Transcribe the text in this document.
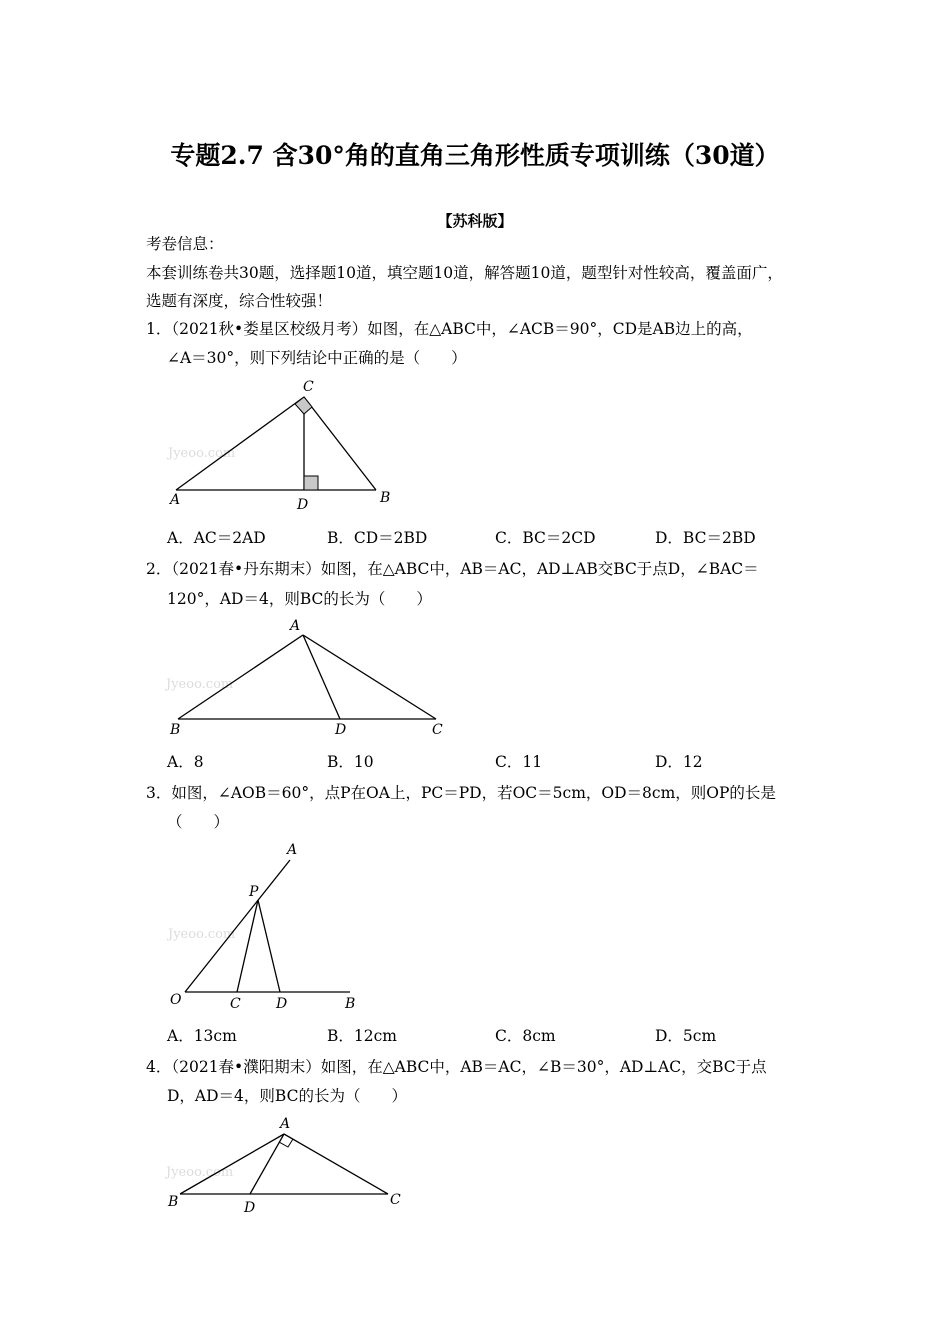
专题2.7 含30°角的直角三角形性质专项训练（30道）
【苏科版】
考卷信息：
本套训练卷共30题，选择题10道，填空题10道，解答题10道，题型针对性较高，覆盖面广，
选题有深度，综合性较强！
1．（2021秋•娄星区校级月考）如图，在△ABC中，∠ACB＝90°，CD是AB边上的高，
∠A＝30°，则下列结论中正确的是（　　）
Jyeoo.com
A	B
C
D
A．AC＝2AD	B．CD＝2BD	C．BC＝2CD	D．BC＝2BD
2．（2021春•丹东期末）如图，在△ABC中，AB＝AC，AD⊥AB交BC于点D，∠BAC＝
120°，AD＝4，则BC的长为（　　）
Jyeoo.com
A
B	C
D
A．8	B．10	C．11	D．12
3．如图，∠AOB＝60°，点P在OA上，PC＝PD，若OC＝5cm，OD＝8cm，则OP的长是
（　　）
Jyeoo.com
A
P
O	C	D	B
A．13cm	B．12cm	C．8cm	D．5cm
4．（2021春•濮阳期末）如图，在△ABC中，AB＝AC，∠B＝30°，AD⊥AC，交BC于点
D，AD＝4，则BC的长为（　　）
Jyeoo.com
A
B	C
D
